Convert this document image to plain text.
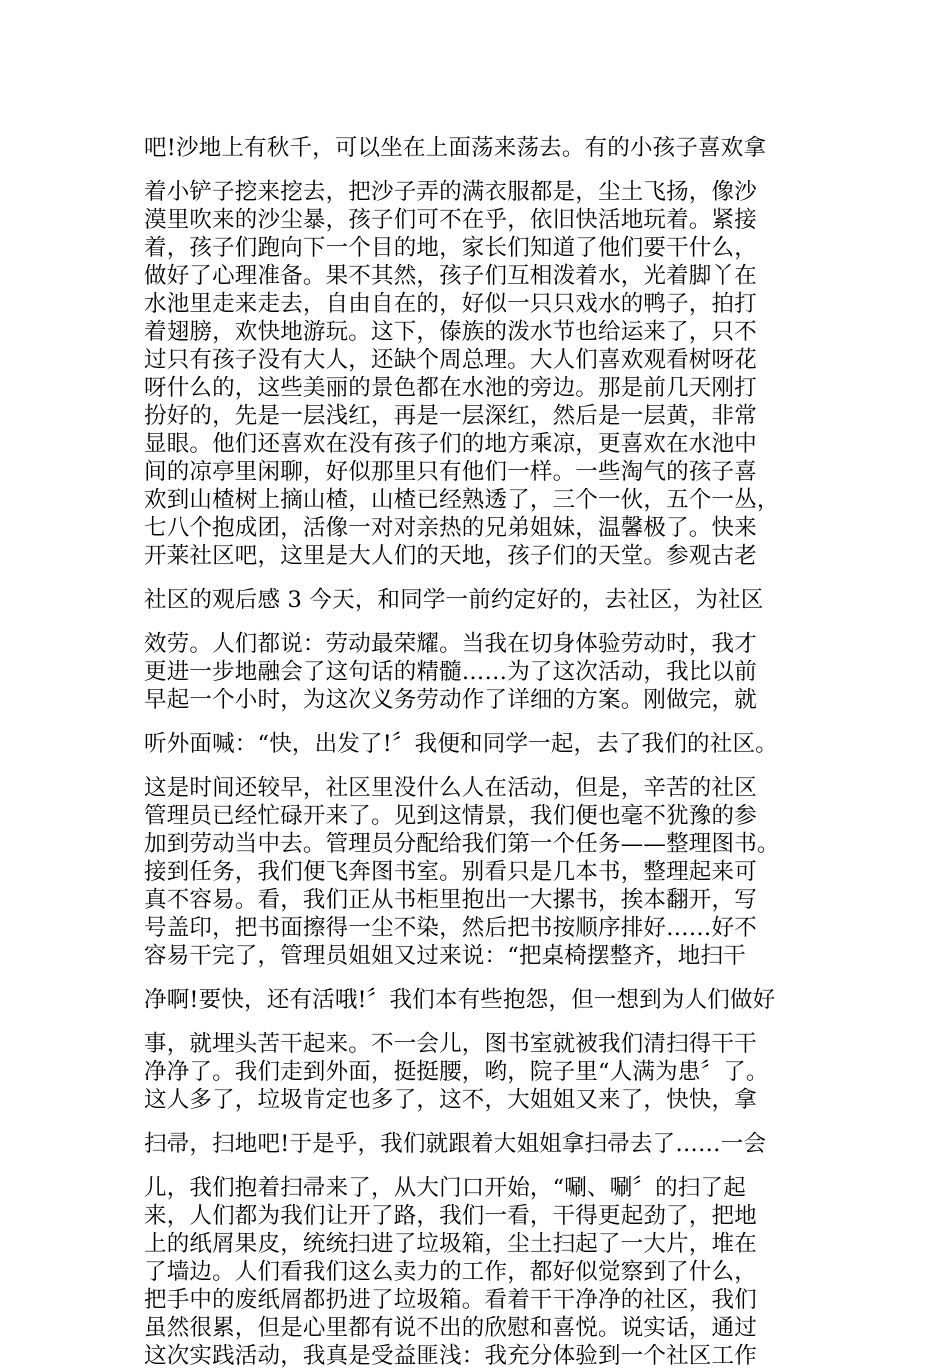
吧!沙地上有秋千，可以坐在上面荡来荡去。有的小孩子喜欢拿
着小铲子挖来挖去，把沙子弄的满衣服都是，尘土飞扬，像沙
漠里吹来的沙尘暴，孩子们可不在乎，依旧快活地玩着。紧接
着，孩子们跑向下一个目的地，家长们知道了他们要干什么，
做好了心理准备。果不其然，孩子们互相泼着水，光着脚丫在
水池里走来走去，自由自在的，好似一只只戏水的鸭子，拍打
着翅膀，欢快地游玩。这下，傣族的泼水节也给运来了，只不
过只有孩子没有大人，还缺个周总理。大人们喜欢观看树呀花
呀什么的，这些美丽的景色都在水池的旁边。那是前几天刚打
扮好的，先是一层浅红，再是一层深红，然后是一层黄，非常
显眼。他们还喜欢在没有孩子们的地方乘凉，更喜欢在水池中
间的凉亭里闲聊，好似那里只有他们一样。一些淘气的孩子喜
欢到山楂树上摘山楂，山楂已经熟透了，三个一伙，五个一丛，
七八个抱成团，活像一对对亲热的兄弟姐妹，温馨极了。快来
开莱社区吧，这里是大人们的天地，孩子们的天堂。参观古老
社区的观后感 3 今天，和同学一前约定好的，去社区，为社区
效劳。人们都说：劳动最荣耀。当我在切身体验劳动时，我才
更进一步地融会了这句话的精髓……为了这次活动，我比以前
早起一个小时，为这次义务劳动作了详细的方案。刚做完，就
听外面喊：“快，出发了!〞我便和同学一起，去了我们的社区。
这是时间还较早，社区里没什么人在活动，但是，辛苦的社区
管理员已经忙碌开来了。见到这情景，我们便也毫不犹豫的参
加到劳动当中去。管理员分配给我们第一个任务——整理图书。
接到任务，我们便飞奔图书室。别看只是几本书，整理起来可
真不容易。看，我们正从书柜里抱出一大摞书，挨本翻开，写
号盖印，把书面擦得一尘不染，然后把书按顺序排好……好不
容易干完了，管理员姐姐又过来说：“把桌椅摆整齐，地扫干
净啊!要快，还有活哦!〞我们本有些抱怨，但一想到为人们做好
事，就埋头苦干起来。不一会儿，图书室就被我们清扫得干干
净净了。我们走到外面，挺挺腰，哟，院子里“人满为患〞了。
这人多了，垃圾肯定也多了，这不，大姐姐又来了，快快，拿
扫帚，扫地吧!于是乎，我们就跟着大姐姐拿扫帚去了……一会
儿，我们抱着扫帚来了，从大门口开始，“唰、唰〞的扫了起
来，人们都为我们让开了路，我们一看，干得更起劲了，把地
上的纸屑果皮，统统扫进了垃圾箱，尘土扫起了一大片，堆在
了墙边。人们看我们这么卖力的工作，都好似觉察到了什么，
把手中的废纸屑都扔进了垃圾箱。看着干干净净的社区，我们
虽然很累，但是心里都有说不出的欣慰和喜悦。说实话，通过
这次实践活动，我真是受益匪浅：我充分体验到一个社区工作
